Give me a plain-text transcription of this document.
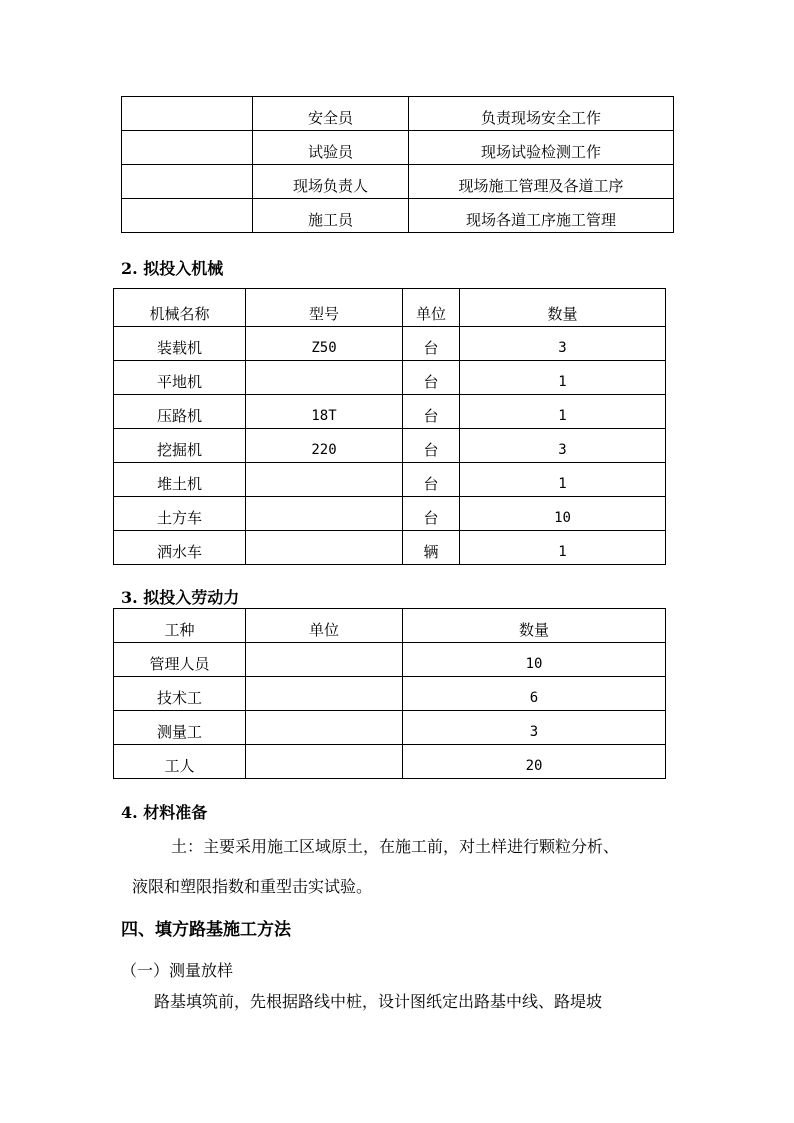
	安全员	负责现场安全工作
	试验员	现场试验检测工作
	现场负责人	现场施工管理及各道工序
	施工员	现场各道工序施工管理
2. 拟投入机械
机械名称	型号	单位	数量
装载机	Z50	台	3
平地机		台	1
压路机	18T	台	1
挖掘机	220	台	3
堆土机		台	1
土方车		台	10
洒水车		辆	1
3. 拟投入劳动力
工种	单位	数量
管理人员		10
技术工		6
测量工		3
工人		20
4. 材料准备
土：主要采用施工区域原土，在施工前，对土样进行颗粒分析、
液限和塑限指数和重型击实试验。
四、填方路基施工方法
（一）测量放样
路基填筑前，先根据路线中桩，设计图纸定出路基中线、路堤坡
